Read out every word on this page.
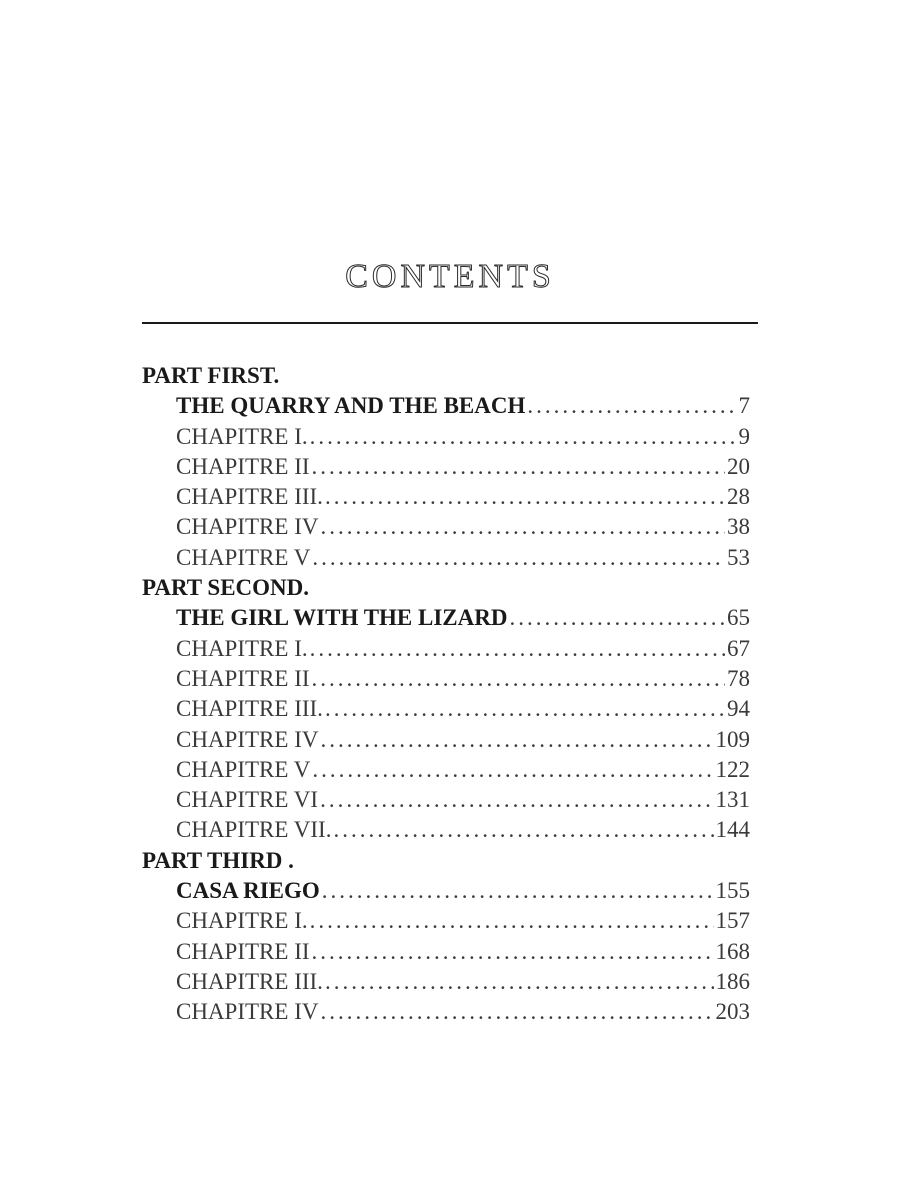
CONTENTS
PART FIRST.
THE QUARRY AND THE BEACH .....	7
CHAPITRE I. .....	9
CHAPITRE II .....	20
CHAPITRE III. .....	28
CHAPITRE IV .....	38
CHAPITRE V .....	53
PART SECOND.
THE GIRL WITH THE LIZARD .....	65
CHAPITRE I. .....	67
CHAPITRE II .....	78
CHAPITRE III. .....	94
CHAPITRE IV .....	109
CHAPITRE V .....	122
CHAPITRE VI .....	131
CHAPITRE VII. .....	144
PART THIRD .
CASA RIEGO .....	155
CHAPITRE I. .....	157
CHAPITRE II .....	168
CHAPITRE III. .....	186
CHAPITRE IV .....	203
